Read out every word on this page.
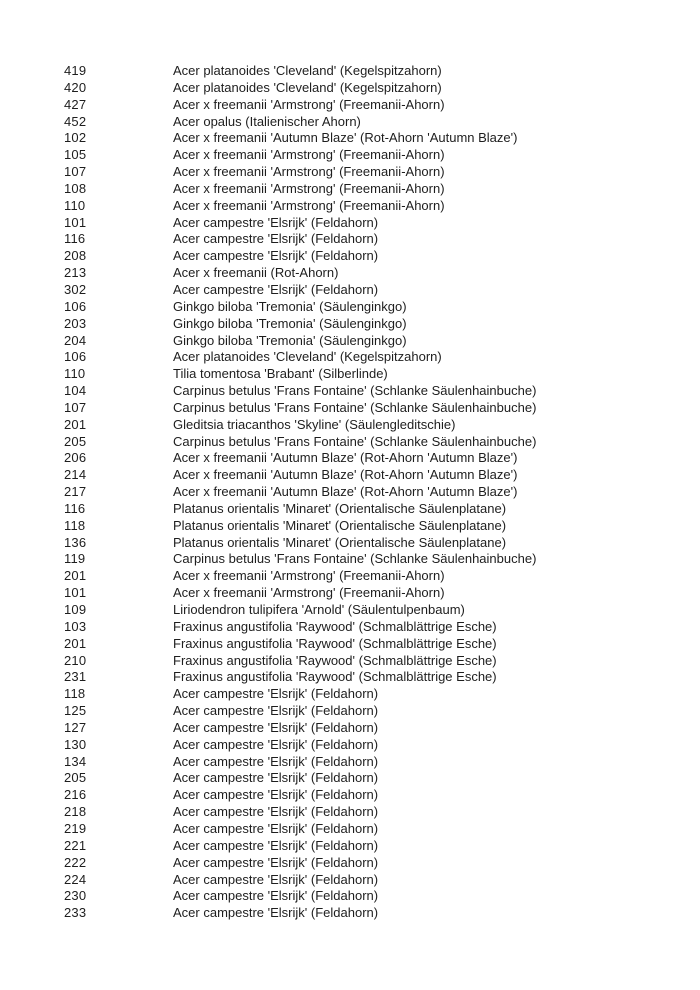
419	Acer platanoides 'Cleveland' (Kegelspitzahorn)
420	Acer platanoides 'Cleveland' (Kegelspitzahorn)
427	Acer x freemanii 'Armstrong' (Freemanii-Ahorn)
452	Acer opalus (Italienischer Ahorn)
102	Acer x freemanii 'Autumn Blaze' (Rot-Ahorn 'Autumn Blaze')
105	Acer x freemanii 'Armstrong' (Freemanii-Ahorn)
107	Acer x freemanii 'Armstrong' (Freemanii-Ahorn)
108	Acer x freemanii 'Armstrong' (Freemanii-Ahorn)
110	Acer x freemanii 'Armstrong' (Freemanii-Ahorn)
101	Acer campestre 'Elsrijk' (Feldahorn)
116	Acer campestre 'Elsrijk' (Feldahorn)
208	Acer campestre 'Elsrijk' (Feldahorn)
213	Acer x freemanii (Rot-Ahorn)
302	Acer campestre 'Elsrijk' (Feldahorn)
106	Ginkgo biloba 'Tremonia' (Säulenginkgo)
203	Ginkgo biloba 'Tremonia' (Säulenginkgo)
204	Ginkgo biloba 'Tremonia' (Säulenginkgo)
106	Acer platanoides 'Cleveland' (Kegelspitzahorn)
110	Tilia tomentosa 'Brabant' (Silberlinde)
104	Carpinus betulus 'Frans Fontaine' (Schlanke Säulenhainbuche)
107	Carpinus betulus 'Frans Fontaine' (Schlanke Säulenhainbuche)
201	Gleditsia triacanthos 'Skyline' (Säulengleditschie)
205	Carpinus betulus 'Frans Fontaine' (Schlanke Säulenhainbuche)
206	Acer x freemanii 'Autumn Blaze' (Rot-Ahorn 'Autumn Blaze')
214	Acer x freemanii 'Autumn Blaze' (Rot-Ahorn 'Autumn Blaze')
217	Acer x freemanii 'Autumn Blaze' (Rot-Ahorn 'Autumn Blaze')
116	Platanus orientalis 'Minaret' (Orientalische Säulenplatane)
118	Platanus orientalis 'Minaret' (Orientalische Säulenplatane)
136	Platanus orientalis 'Minaret' (Orientalische Säulenplatane)
119	Carpinus betulus 'Frans Fontaine' (Schlanke Säulenhainbuche)
201	Acer x freemanii 'Armstrong' (Freemanii-Ahorn)
101	Acer x freemanii 'Armstrong' (Freemanii-Ahorn)
109	Liriodendron tulipifera 'Arnold' (Säulentulpenbaum)
103	Fraxinus angustifolia 'Raywood' (Schmalblättrige Esche)
201	Fraxinus angustifolia 'Raywood' (Schmalblättrige Esche)
210	Fraxinus angustifolia 'Raywood' (Schmalblättrige Esche)
231	Fraxinus angustifolia 'Raywood' (Schmalblättrige Esche)
118	Acer campestre 'Elsrijk' (Feldahorn)
125	Acer campestre 'Elsrijk' (Feldahorn)
127	Acer campestre 'Elsrijk' (Feldahorn)
130	Acer campestre 'Elsrijk' (Feldahorn)
134	Acer campestre 'Elsrijk' (Feldahorn)
205	Acer campestre 'Elsrijk' (Feldahorn)
216	Acer campestre 'Elsrijk' (Feldahorn)
218	Acer campestre 'Elsrijk' (Feldahorn)
219	Acer campestre 'Elsrijk' (Feldahorn)
221	Acer campestre 'Elsrijk' (Feldahorn)
222	Acer campestre 'Elsrijk' (Feldahorn)
224	Acer campestre 'Elsrijk' (Feldahorn)
230	Acer campestre 'Elsrijk' (Feldahorn)
233	Acer campestre 'Elsrijk' (Feldahorn)
